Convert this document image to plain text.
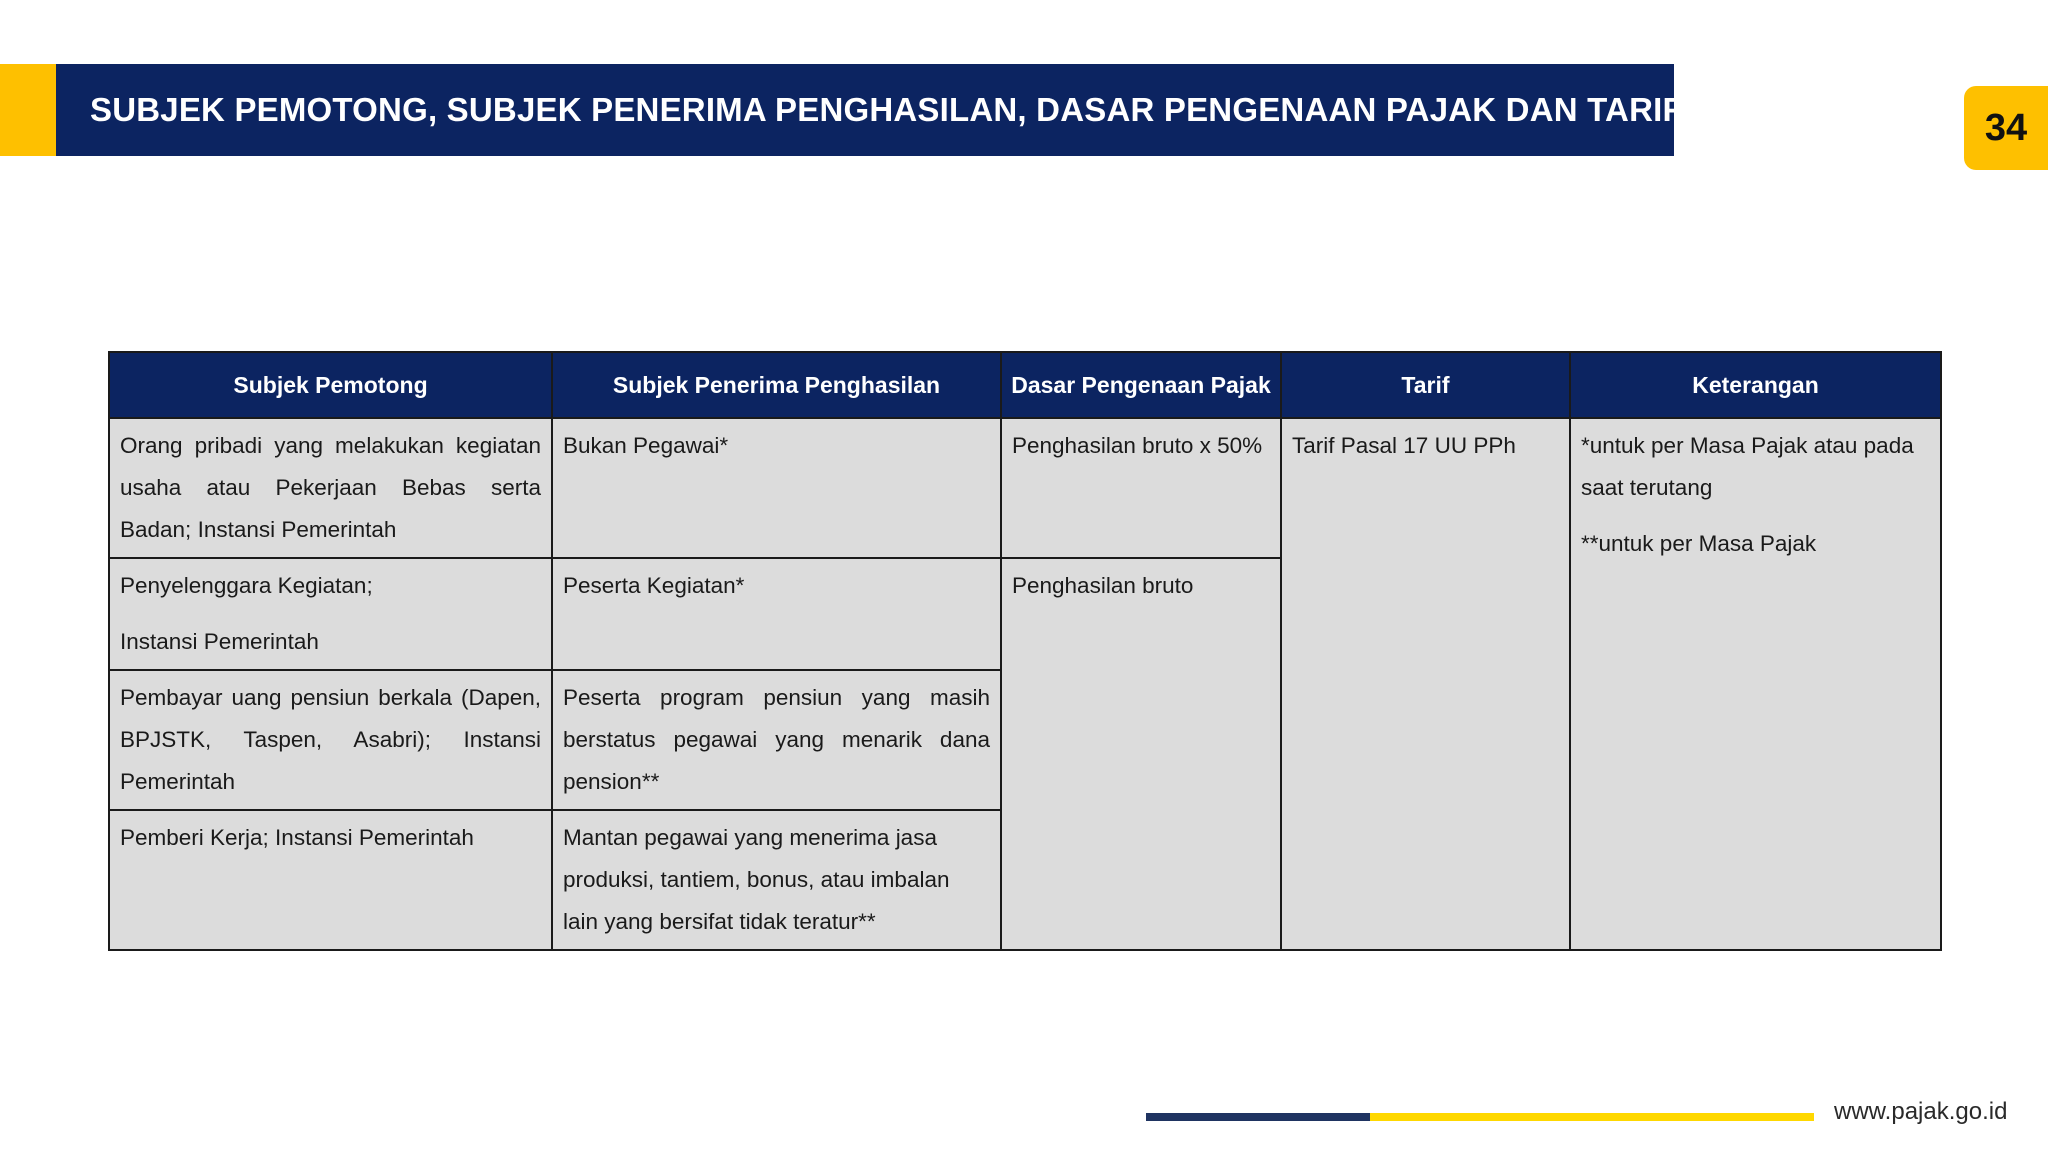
SUBJEK PEMOTONG, SUBJEK PENERIMA PENGHASILAN, DASAR PENGENAAN PAJAK DAN TARIF	34
Subjek Pemotong	Subjek Penerima Penghasilan	Dasar Pengenaan Pajak	Tarif	Keterangan
Orang pribadi yang melakukan kegiatan usaha atau Pekerjaan Bebas serta Badan; Instansi Pemerintah	Bukan Pegawai*	Penghasilan bruto x 50%	Tarif Pasal 17 UU PPh	*untuk per Masa Pajak atau pada saat terutang
**untuk per Masa Pajak

Penyelenggara Kegiatan;
Instansi Pemerintah	Peserta Kegiatan*	Penghasilan bruto		
Pembayar uang pensiun berkala (Dapen, BPJSTK, Taspen, Asabri); Instansi Pemerintah	Peserta program pensiun yang masih berstatus pegawai yang menarik dana pension**			
Pemberi Kerja; Instansi Pemerintah	Mantan pegawai yang menerima jasa produksi, tantiem, bonus, atau imbalan lain yang bersifat tidak teratur**			
www.pajak.go.id
